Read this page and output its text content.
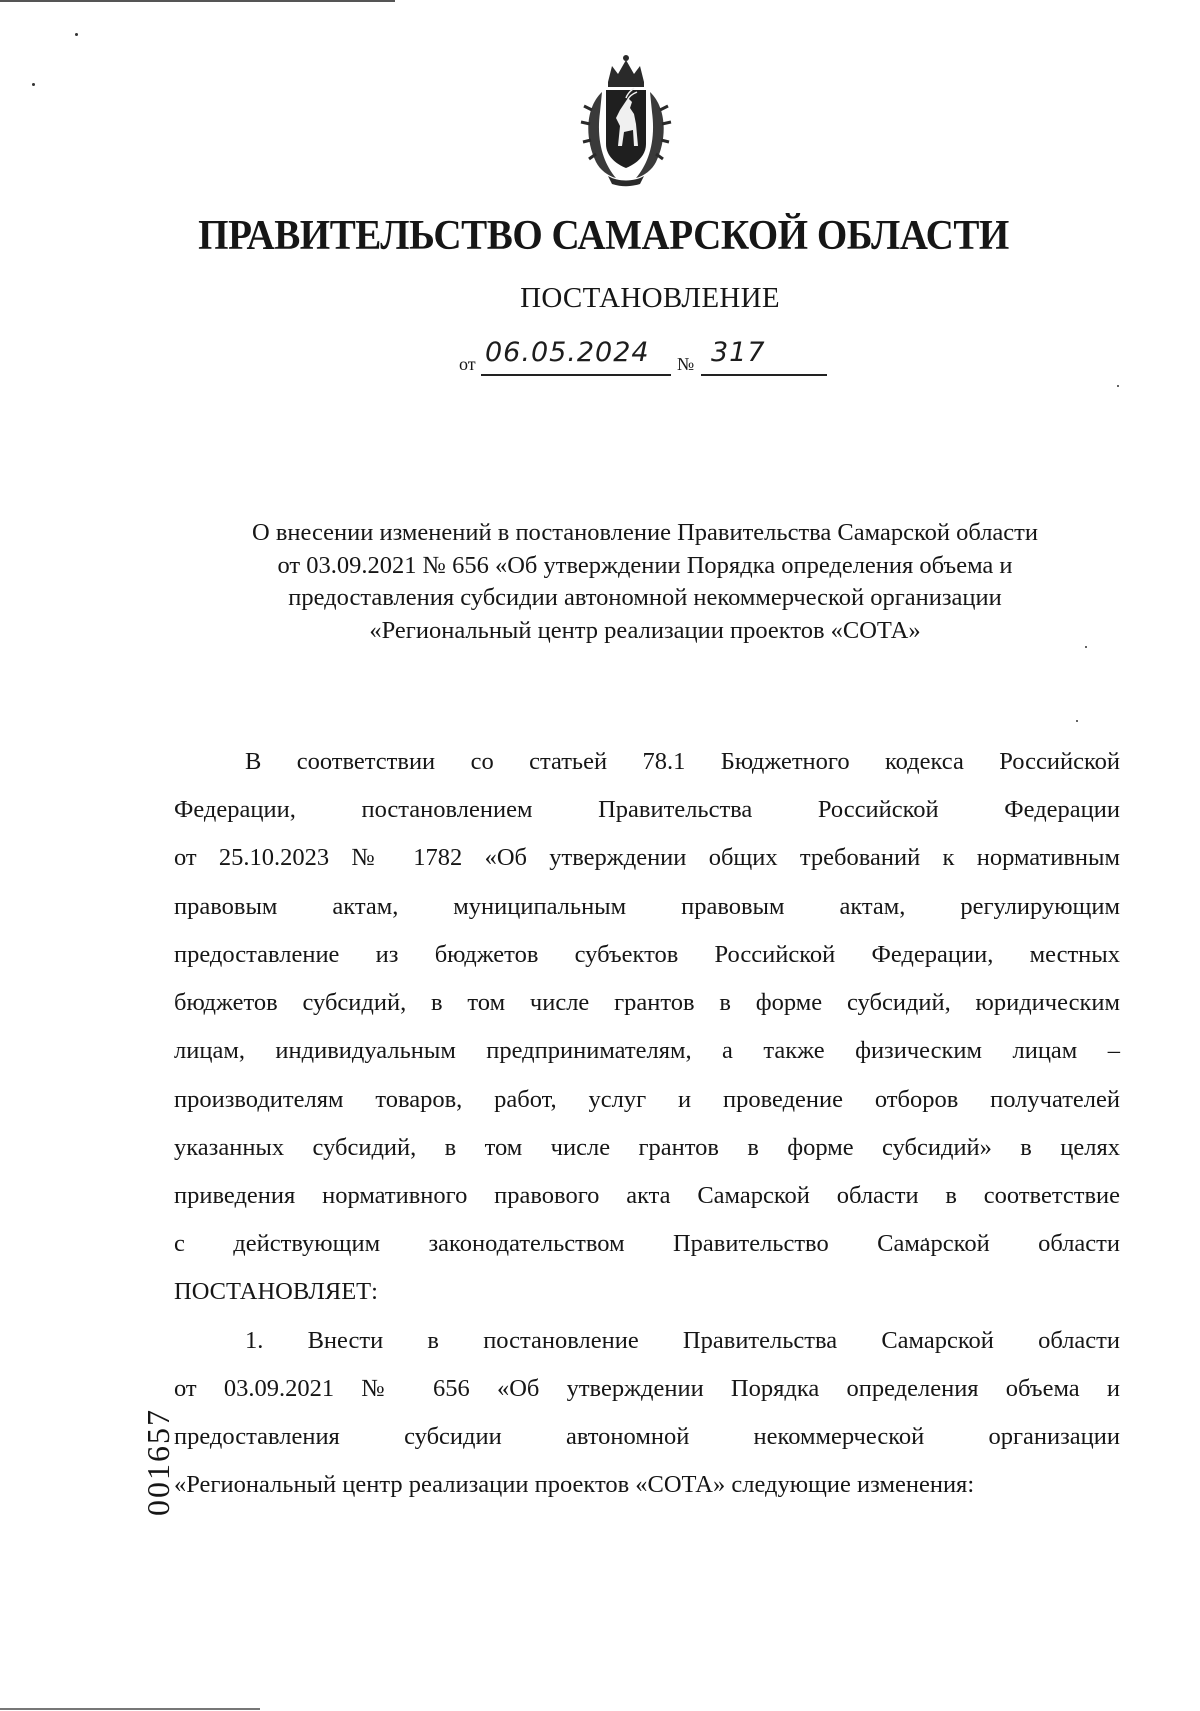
ПРАВИТЕЛЬСТВО САМАРСКОЙ ОБЛАСТИ
ПОСТАНОВЛЕНИЕ
от 06.05.2024 № 317
О внесении изменений в постановление Правительства Самарской области
от 03.09.2021 № 656 «Об утверждении Порядка определения объема и
предоставления субсидии автономной некоммерческой организации
«Региональный центр реализации проектов «СОТА»
В соответствии со статьей 78.1 Бюджетного кодекса Российской
Федерации, постановлением Правительства Российской Федерации
от 25.10.2023 № 1782 «Об утверждении общих требований к нормативным
правовым актам, муниципальным правовым актам, регулирующим
предоставление из бюджетов субъектов Российской Федерации, местных
бюджетов субсидий, в том числе грантов в форме субсидий, юридическим
лицам, индивидуальным предпринимателям, а также физическим лицам –
производителям товаров, работ, услуг и проведение отборов получателей
указанных субсидий, в том числе грантов в форме субсидий» в целях
приведения нормативного правового акта Самарской области в соответствие
с действующим законодательством Правительство Самарской области
ПОСТАНОВЛЯЕТ:
1. Внести в постановление Правительства Самарской области
от 03.09.2021 № 656 «Об утверждении Порядка определения объема и
предоставления субсидии автономной некоммерческой организации
«Региональный центр реализации проектов «СОТА» следующие изменения:
001657
